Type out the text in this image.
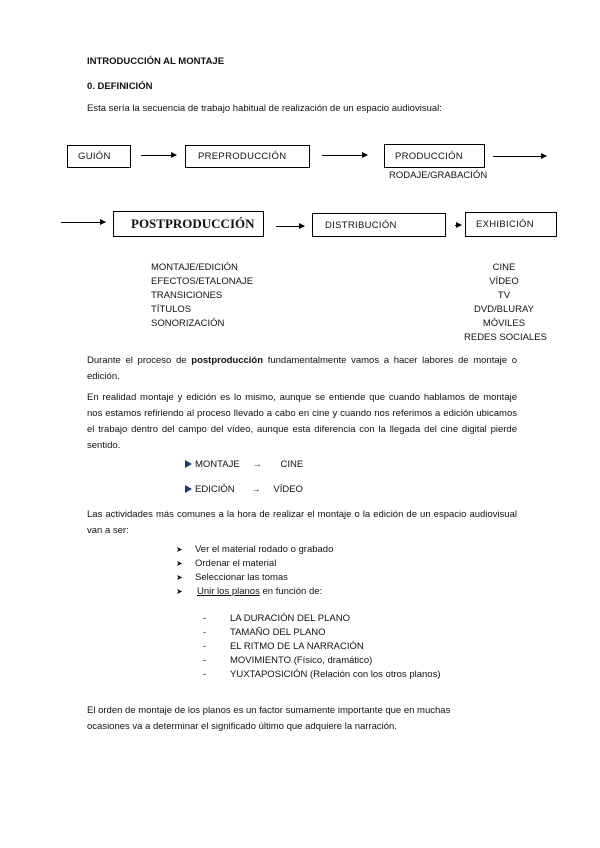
INTRODUCCIÓN AL MONTAJE
0. DEFINICIÓN
Esta sería la secuencia de trabajo habitual de realización de un espacio audiovisual:
GUIÓN	PREPRODUCCIÓN	PRODUCCIÓN
RODAJE/GRABACIÓN
POSTPRODUCCIÓN	DISTRIBUCIÓN	EXHIBICIÓN
MONTAJE/EDICIÓN
EFECTOS/ETALONAJE
TRANSICIONES
TÍTULOS
SONORIZACIÓN
CINE
VÍDEO
TV
DVD/BLURAY
MÓVILES
REDES SOCIALES
Durante el proceso de postproducción fundamentalmente vamos a hacer labores de montaje o edición.
En realidad montaje y edición es lo mismo, aunque se entiende que cuando hablamos de montaje nos estamos refiriendo al proceso llevado a cabo en cine y cuando nos referimos a edición ubicamos el trabajo dentro del campo del vídeo, aunque esta diferencia con la llegada del cine digital pierde sentido.
MONTAJE → CINE
EDICIÓN → VÍDEO
Las actividades más comunes a la hora de realizar el montaje o la edición de un espacio audiovisual van a ser:
➤ Ver el material rodado o grabado
➤ Ordenar el material
➤ Seleccionar las tomas
➤ Unir los planos en función de:
-	LA DURACIÓN DEL PLANO
-	TAMAÑO DEL PLANO
-	EL RITMO DE LA NARRACIÓN
-	MOVIMIENTO (Físico, dramático)
-	YUXTAPOSICIÓN (Relación con los otros planos)
El orden de montaje de los planos es un factor sumamente importante que en muchas ocasiones va a determinar el significado último que adquiere la narración.
